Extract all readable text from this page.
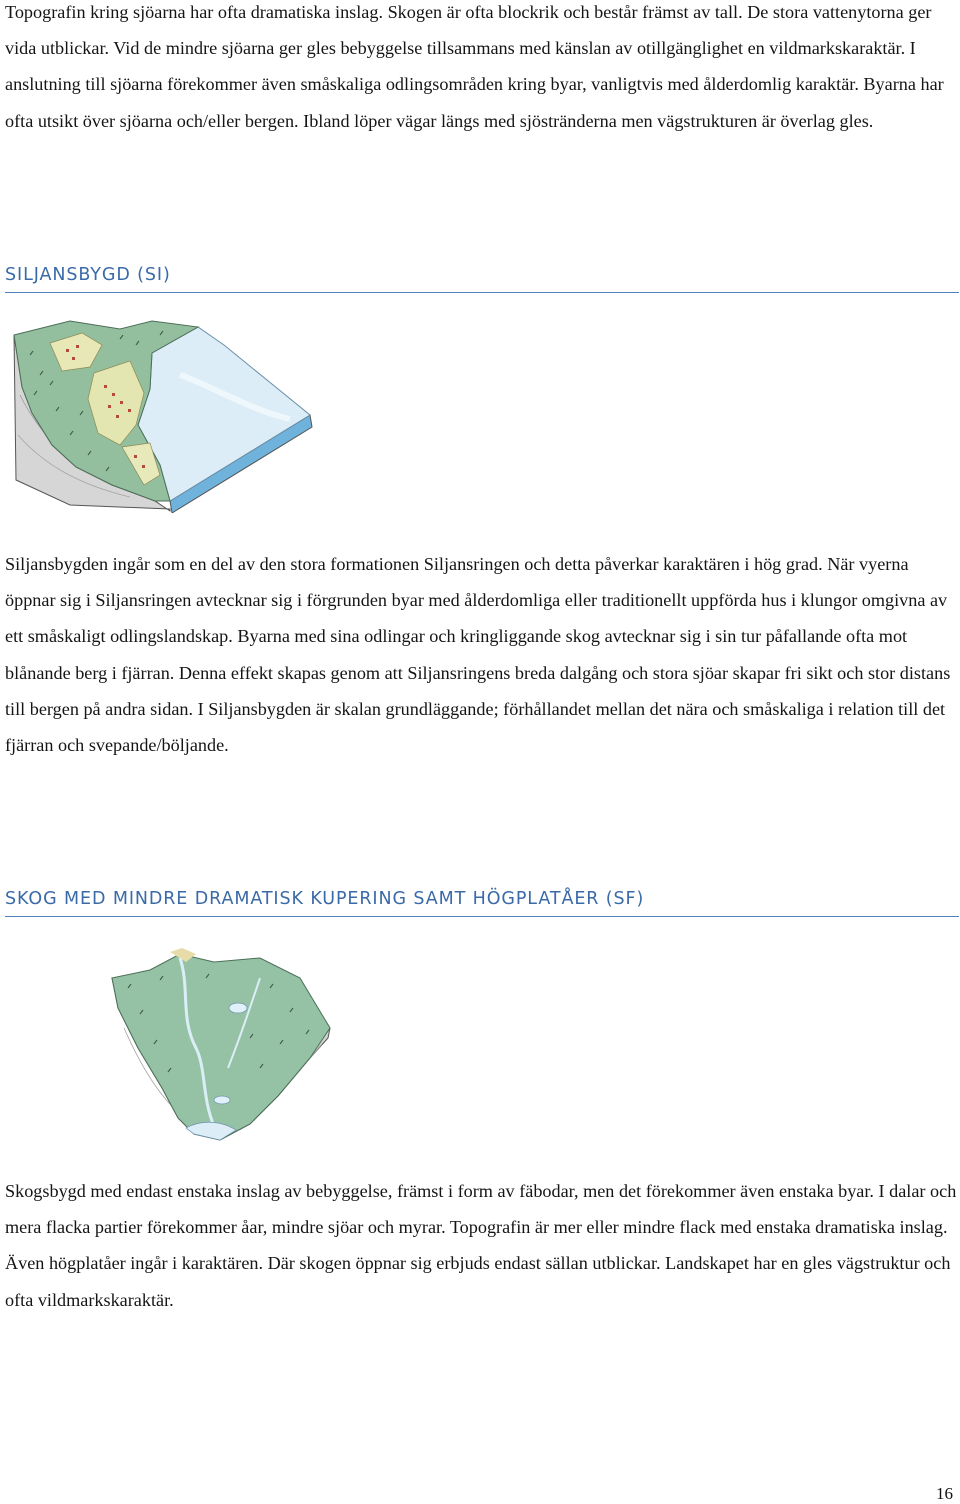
Topografin kring sjöarna har ofta dramatiska inslag. Skogen är ofta blockrik och består främst av tall. De stora vattenytorna ger vida utblickar. Vid de mindre sjöarna ger gles bebyggelse tillsammans med känslan av otillgänglighet en vildmarkskaraktär. I anslutning till sjöarna förekommer även småskaliga odlingsområden kring byar, vanligtvis med ålderdomlig karaktär. Byarna har ofta utsikt över sjöarna och/eller bergen. Ibland löper vägar längs med sjöstränderna men vägstrukturen är överlag gles.

SILJANSBYGD (SI)

Siljansbygden ingår som en del av den stora formationen Siljansringen och detta påverkar karaktären i hög grad. När vyerna öppnar sig i Siljansringen avtecknar sig i förgrunden byar med ålderdomliga eller traditionellt uppförda hus i klungor omgivna av ett småskaligt odlingslandskap. Byarna med sina odlingar och kringliggande skog avtecknar sig i sin tur påfallande ofta mot blånande berg i fjärran. Denna effekt skapas genom att Siljansringens breda dalgång och stora sjöar skapar fri sikt och stor distans till bergen på andra sidan. I Siljansbygden är skalan grundläggande; förhållandet mellan det nära och småskaliga i relation till det fjärran och svepande/böljande.

SKOG MED MINDRE DRAMATISK KUPERING SAMT HÖGPLATÅER (SF)

Skogsbygd med endast enstaka inslag av bebyggelse, främst i form av fäbodar, men det förekommer även enstaka byar. I dalar och mera flacka partier förekommer åar, mindre sjöar och myrar. Topografin är mer eller mindre flack med enstaka dramatiska inslag. Även högplatåer ingår i karaktären. Där skogen öppnar sig erbjuds endast sällan utblickar. Landskapet har en gles vägstruktur och ofta vildmarkskaraktär.

16
